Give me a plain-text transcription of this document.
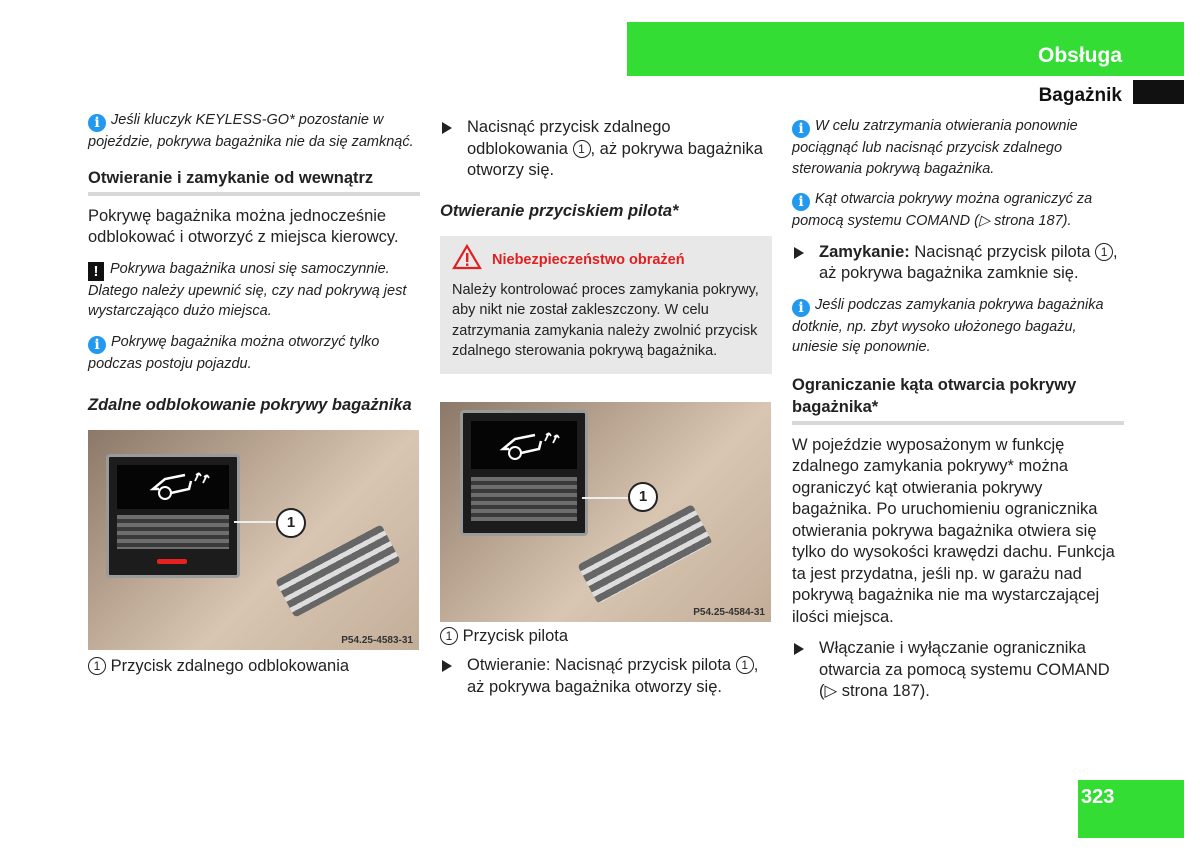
Obsługa
Bagażnik

i Jeśli kluczyk KEYLESS-GO* pozostanie w pojeździe, pokrywa bagażnika nie da się zamknąć.

Otwieranie i zamykanie od wewnątrz

Pokrywę bagażnika można jednocześnie odblokować i otworzyć z miejsca kierowcy.

! Pokrywa bagażnika unosi się samoczynnie. Dlatego należy upewnić się, czy nad pokrywą jest wystarczająco dużo miejsca.

i Pokrywę bagażnika można otworzyć tylko podczas postoju pojazdu.

Zdalne odblokowanie pokrywy bagażnika
1
P54.25-4583-31
1 Przycisk zdalnego odblokowania
Nacisnąć przycisk zdalnego odblokowania 1 , aż pokrywa bagażnika otworzy się.
Otwieranie przyciskiem pilota*
Niebezpieczeństwo obrażeń
Należy kontrolować proces zamykania pokrywy, aby nikt nie został zakleszczony. W celu zatrzymania zamykania należy zwolnić przycisk zdalnego sterowania pokrywą bagażnika.
1
P54.25-4584-31
1 Przycisk pilota
Otwieranie: Nacisnąć przycisk pilota 1 , aż pokrywa bagażnika otworzy się.

i W celu zatrzymania otwierania ponownie pociągnąć lub nacisnąć przycisk zdalnego sterowania pokrywą bagażnika.

i Kąt otwarcia pokrywy można ograniczyć za pomocą systemu COMAND (▷ strona 187).

Zamykanie: Nacisnąć przycisk pilota 1 , aż pokrywa bagażnika zamknie się.

i Jeśli podczas zamykania pokrywa bagażnika dotknie, np. zbyt wysoko ułożonego bagażu, uniesie się ponownie.

Ograniczanie kąta otwarcia pokrywy bagażnika*

W pojeździe wyposażonym w funkcję zdalnego zamykania pokrywy* można ograniczyć kąt otwierania pokrywy bagażnika. Po uruchomieniu ogranicznika otwierania pokrywa bagażnika otwiera się tylko do wysokości krawędzi dachu. Funkcja ta jest przydatna, jeśli np. w garażu nad pokrywą bagażnika nie ma wystarczającej ilości miejsca.

Włączanie i wyłączanie ogranicznika otwarcia za pomocą systemu COMAND (▷ strona 187).
323
